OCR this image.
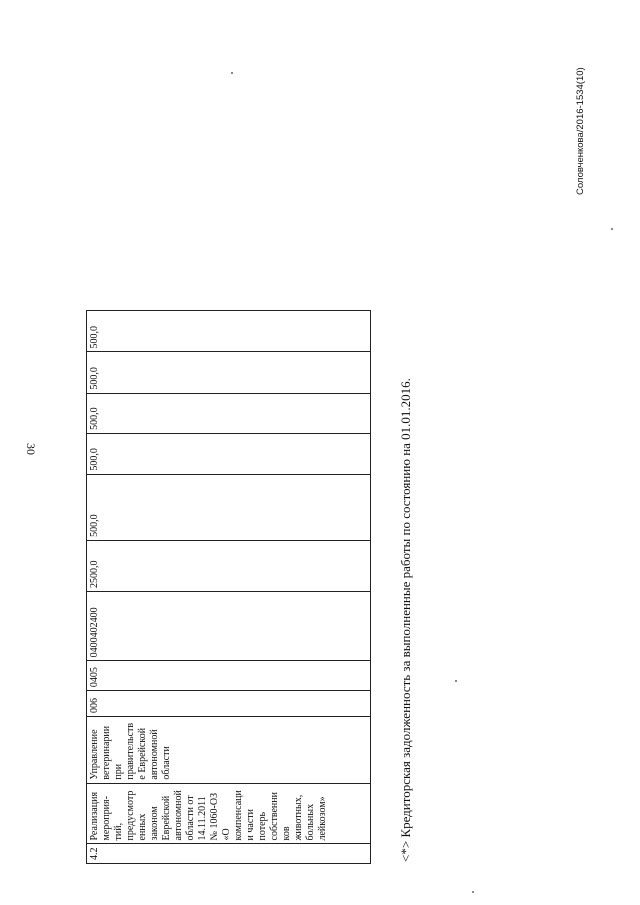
30
4.2	Реализация мероприя- тий, предусмотр енных законом Еврейской автономной области от 14.11.2011 № 1060-ОЗ «О компенсаци и части потерь собственни ков животных, больных лейкозом»	Управление ветеринарии при правительств е Еврейской автономной области	006	0405	0400402400	2500,0	500,0	500,0	500,0	500,0	500,0
<*> Кредиторская задолженность за выполненные работы по состоянию на 01.01.2016.
Соловченкова/2016-1534(10)
